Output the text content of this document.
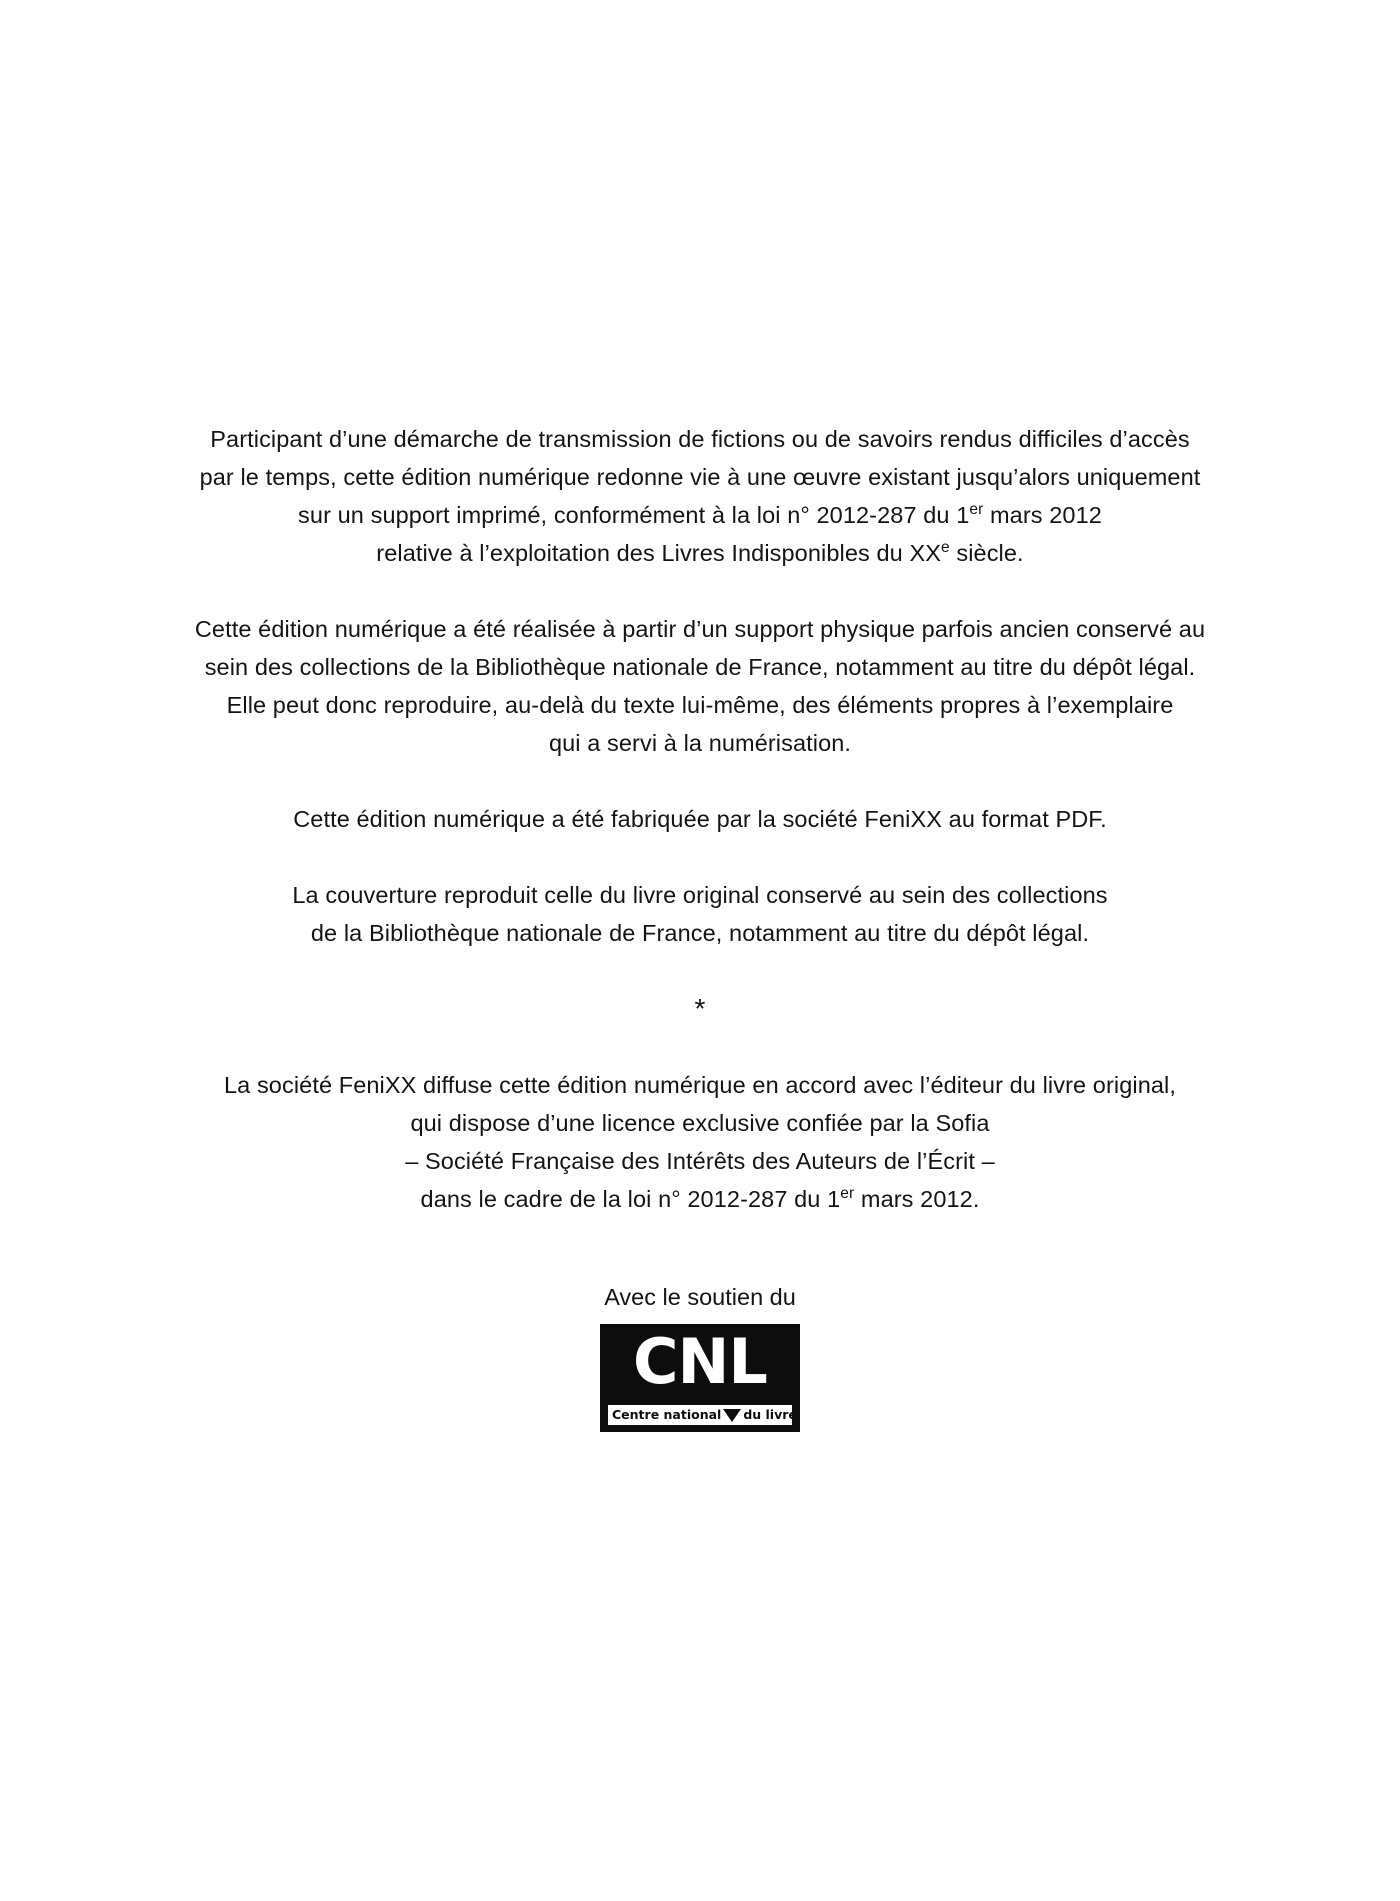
Participant d’une démarche de transmission de fictions ou de savoirs rendus difficiles d’accès
par le temps, cette édition numérique redonne vie à une œuvre existant jusqu’alors uniquement
sur un support imprimé, conformément à la loi n° 2012-287 du 1er mars 2012
relative à l’exploitation des Livres Indisponibles du XXe siècle.
Cette édition numérique a été réalisée à partir d’un support physique parfois ancien conservé au
sein des collections de la Bibliothèque nationale de France, notamment au titre du dépôt légal.
Elle peut donc reproduire, au-delà du texte lui-même, des éléments propres à l’exemplaire
qui a servi à la numérisation.
Cette édition numérique a été fabriquée par la société FeniXX au format PDF.
La couverture reproduit celle du livre original conservé au sein des collections
de la Bibliothèque nationale de France, notamment au titre du dépôt légal.
*
La société FeniXX diffuse cette édition numérique en accord avec l’éditeur du livre original,
qui dispose d’une licence exclusive confiée par la Sofia
– Société Française des Intérêts des Auteurs de l’Écrit –
dans le cadre de la loi n° 2012-287 du 1er mars 2012.
Avec le soutien du
CNL
Centre national du livre
